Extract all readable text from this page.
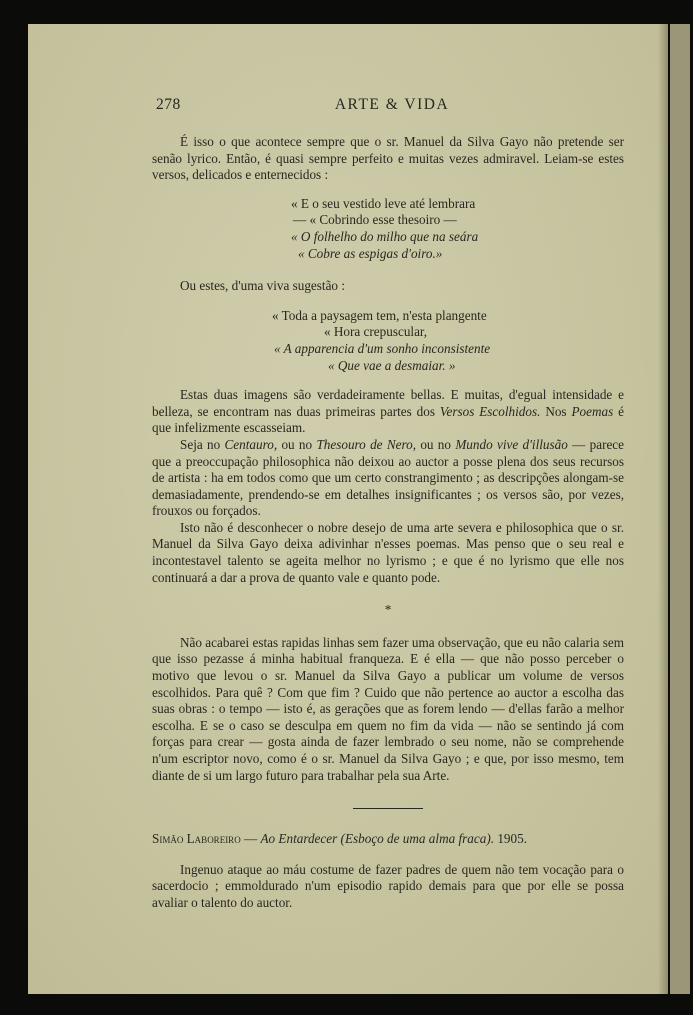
278	ARTE & VIDA

É isso o que acontece sempre que o sr. Manuel da Silva Gayo não pretende ser senão lyrico. Então, é quasi sempre perfeito e muitas vezes admiravel. Leiam-se estes versos, delicados e enternecidos :

« E o seu vestido leve até lembrara
— « Cobrindo esse thesoiro —
« O folhelho do milho que na seára
« Cobre as espigas d'oiro.»

Ou estes, d'uma viva sugestão :

« Toda a paysagem tem, n'esta plangente
« Hora crepuscular,
« A apparencia d'um sonho inconsistente
« Que vae a desmaiar. »

Estas duas imagens são verdadeiramente bellas. E muitas, d'egual intensidade e belleza, se encontram nas duas primeiras partes dos Versos Escolhidos. Nos Poemas é que infelizmente escasseiam.

Seja no Centauro, ou no Thesouro de Nero, ou no Mundo vive d'illusão — parece que a preoccupação philosophica não deixou ao auctor a posse plena dos seus recursos de artista : ha em todos como que um certo constrangimento ; as descripções alongam-se demasiadamente, prendendo-se em detalhes insignificantes ; os versos são, por vezes, frouxos ou forçados.

Isto não é desconhecer o nobre desejo de uma arte severa e philosophica que o sr. Manuel da Silva Gayo deixa adivinhar n'esses poemas. Mas penso que o seu real e incontestavel talento se ageita melhor no lyrismo ; e que é no lyrismo que elle nos continuará a dar a prova de quanto vale e quanto pode.

*

Não acabarei estas rapidas linhas sem fazer uma observação, que eu não calaria sem que isso pezasse á minha habitual franqueza. E é ella — que não posso perceber o motivo que levou o sr. Manuel da Silva Gayo a publicar um volume de versos escolhidos. Para quê ? Com que fim ? Cuido que não pertence ao auctor a escolha das suas obras : o tempo — isto é, as gerações que as forem lendo — d'ellas farão a melhor escolha. E se o caso se desculpa em quem no fim da vida — não se sentindo já com forças para crear — gosta ainda de fazer lembrado o seu nome, não se comprehende n'um escriptor novo, como é o sr. Manuel da Silva Gayo ; e que, por isso mesmo, tem diante de si um largo futuro para trabalhar pela sua Arte.

Simão Laboreiro — Ao Entardecer (Esboço de uma alma fraca). 1905.

Ingenuo ataque ao máu costume de fazer padres de quem não tem vocação para o sacerdocio ; emmoldurado n'um episodio rapido demais para que por elle se possa avaliar o talento do auctor.
